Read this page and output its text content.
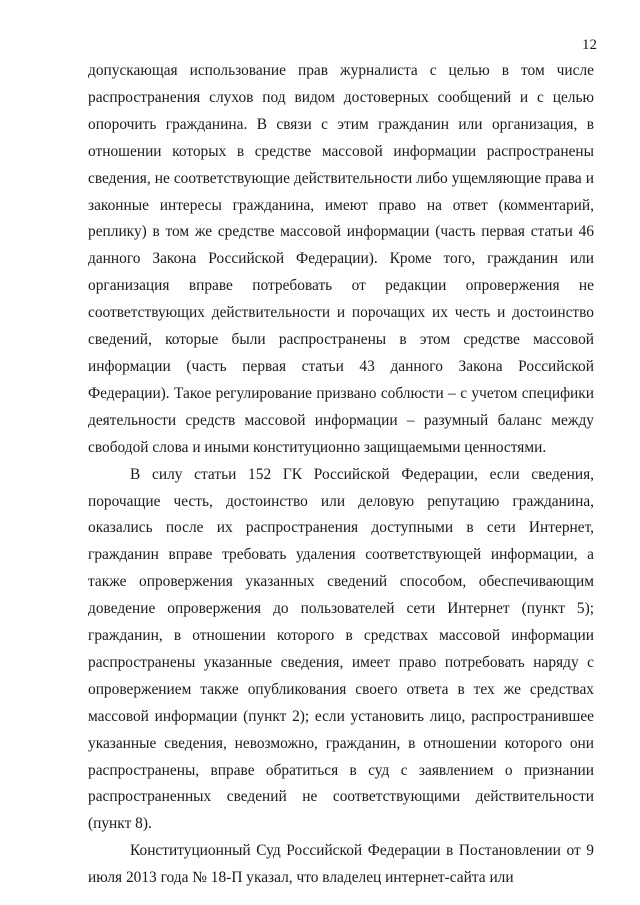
12

допускающая использование прав журналиста с целью в том числе распространения слухов под видом достоверных сообщений и с целью опорочить гражданина. В связи с этим гражданин или организация, в отношении которых в средстве массовой информации распространены сведения, не соответствующие действительности либо ущемляющие права и законные интересы гражданина, имеют право на ответ (комментарий, реплику) в том же средстве массовой информации (часть первая статьи 46 данного Закона Российской Федерации). Кроме того, гражданин или организация вправе потребовать от редакции опровержения не соответствующих действительности и порочащих их честь и достоинство сведений, которые были распространены в этом средстве массовой информации (часть первая статьи 43 данного Закона Российской Федерации). Такое регулирование призвано соблюсти – с учетом специфики деятельности средств массовой информации – разумный баланс между свободой слова и иными конституционно защищаемыми ценностями.

В силу статьи 152 ГК Российской Федерации, если сведения, порочащие честь, достоинство или деловую репутацию гражданина, оказались после их распространения доступными в сети Интернет, гражданин вправе требовать удаления соответствующей информации, а также опровержения указанных сведений способом, обеспечивающим доведение опровержения до пользователей сети Интернет (пункт 5); гражданин, в отношении которого в средствах массовой информации распространены указанные сведения, имеет право потребовать наряду с опровержением также опубликования своего ответа в тех же средствах массовой информации (пункт 2); если установить лицо, распространившее указанные сведения, невозможно, гражданин, в отношении которого они распространены, вправе обратиться в суд с заявлением о признании распространенных сведений не соответствующими действительности (пункт 8).

Конституционный Суд Российской Федерации в Постановлении от 9 июля 2013 года № 18-П указал, что владелец интернет-сайта или
